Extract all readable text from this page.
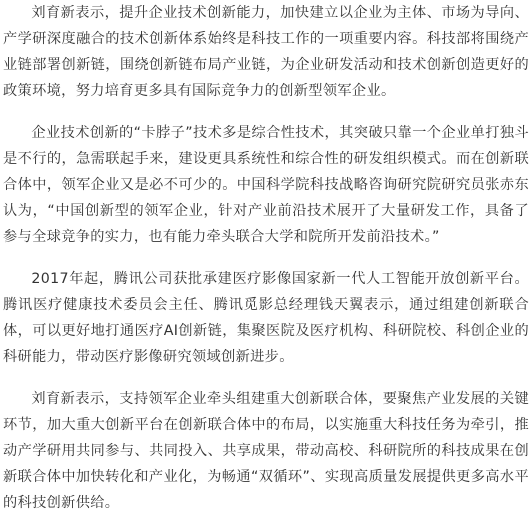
刘育新表示，提升企业技术创新能力，加快建立以企业为主体、市场为导向、产学研深度融合的技术创新体系始终是科技工作的一项重要内容。科技部将围绕产业链部署创新链，围绕创新链布局产业链，为企业研发活动和技术创新创造更好的政策环境，努力培育更多具有国际竞争力的创新型领军企业。

企业技术创新的“卡脖子”技术多是综合性技术，其突破只靠一个企业单打独斗是不行的，急需联起手来，建设更具系统性和综合性的研发组织模式。而在创新联合体中，领军企业又是必不可少的。中国科学院科技战略咨询研究院研究员张赤东认为，“中国创新型的领军企业，针对产业前沿技术展开了大量研发工作，具备了参与全球竞争的实力，也有能力牵头联合大学和院所开发前沿技术。”

2017年起，腾讯公司获批承建医疗影像国家新一代人工智能开放创新平台。腾讯医疗健康技术委员会主任、腾讯觅影总经理钱天翼表示，通过组建创新联合体，可以更好地打通医疗AI创新链，集聚医院及医疗机构、科研院校、科创企业的科研能力，带动医疗影像研究领域创新进步。

刘育新表示，支持领军企业牵头组建重大创新联合体，要聚焦产业发展的关键环节，加大重大创新平台在创新联合体中的布局，以实施重大科技任务为牵引，推动产学研用共同参与、共同投入、共享成果，带动高校、科研院所的科技成果在创新联合体中加快转化和产业化，为畅通“双循环”、实现高质量发展提供更多高水平的科技创新供给。
